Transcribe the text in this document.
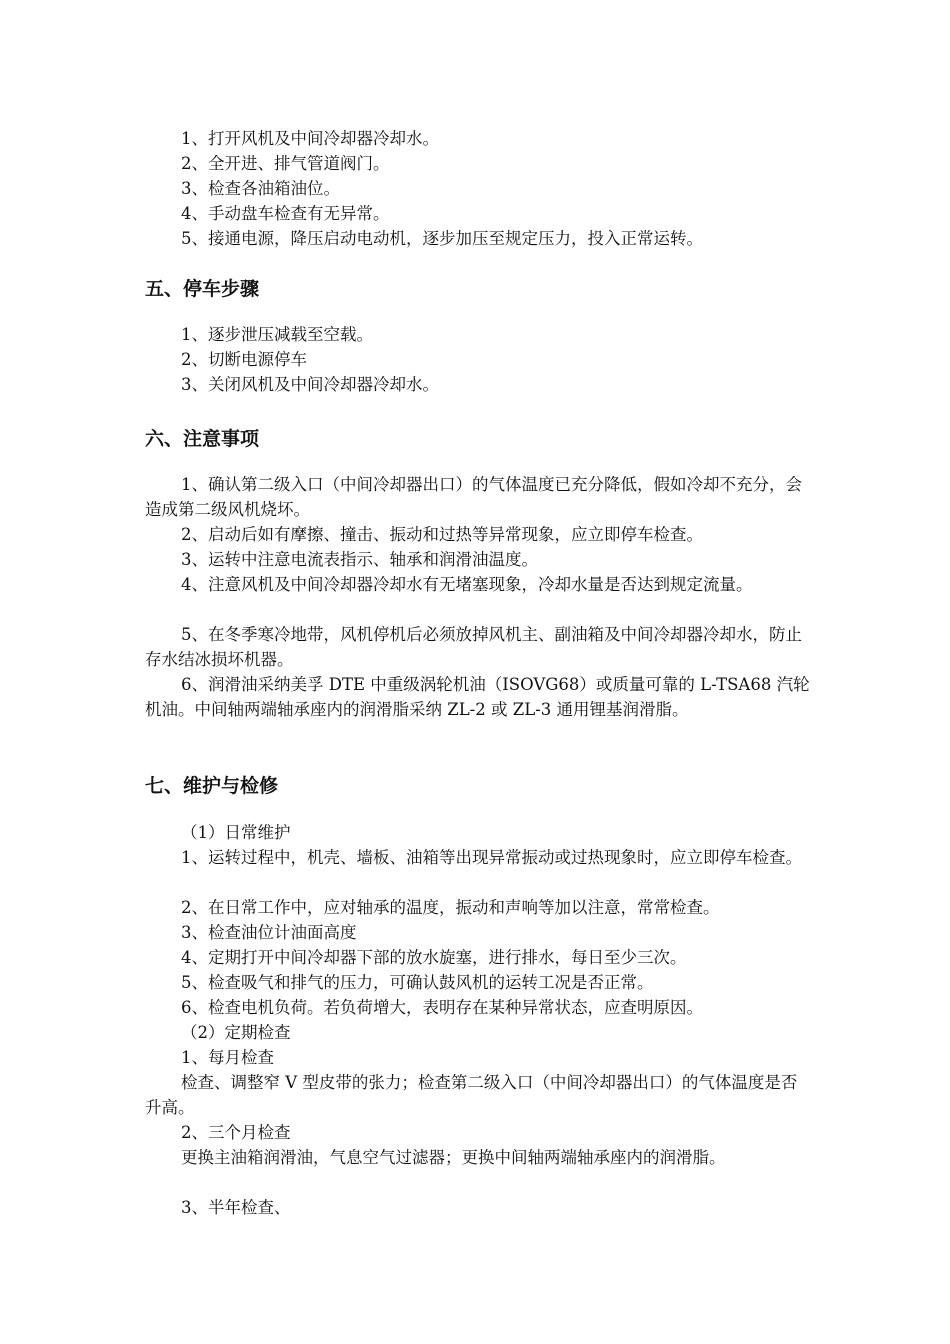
1、打开风机及中间冷却器冷却水。

2、全开进、排气管道阀门。

3、检查各油箱油位。

4、手动盘车检查有无异常。

5、接通电源，降压启动电动机，逐步加压至规定压力，投入正常运转。

五、停车步骤

1、逐步泄压减载至空载。

2、切断电源停车

3、关闭风机及中间冷却器冷却水。

六、注意事项

1、确认第二级入口（中间冷却器出口）的气体温度已充分降低，假如冷却不充分，会造成第二级风机烧坏。

2、启动后如有摩擦、撞击、振动和过热等异常现象，应立即停车检查。

3、运转中注意电流表指示、轴承和润滑油温度。

4、注意风机及中间冷却器冷却水有无堵塞现象，冷却水量是否达到规定流量。

5、在冬季寒冷地带，风机停机后必须放掉风机主、副油箱及中间冷却器冷却水，防止存水结冰损坏机器。

6、润滑油采纳美孚 DTE 中重级涡轮机油（ISOVG68）或质量可靠的 L-TSA68 汽轮机油。中间轴两端轴承座内的润滑脂采纳 ZL-2 或 ZL-3 通用锂基润滑脂。

七、维护与检修

（1）日常维护

1、运转过程中，机壳、墙板、油箱等出现异常振动或过热现象时，应立即停车检查。

2、在日常工作中，应对轴承的温度，振动和声响等加以注意，常常检查。

3、检查油位计油面高度

4、定期打开中间冷却器下部的放水旋塞，进行排水，每日至少三次。

5、检查吸气和排气的压力，可确认鼓风机的运转工况是否正常。

6、检查电机负荷。若负荷增大，表明存在某种异常状态，应查明原因。

（2）定期检查

1、每月检查

检查、调整窄 V 型皮带的张力；检查第二级入口（中间冷却器出口）的气体温度是否升高。

2、三个月检查

更换主油箱润滑油，气息空气过滤器；更换中间轴两端轴承座内的润滑脂。

3、半年检查、
